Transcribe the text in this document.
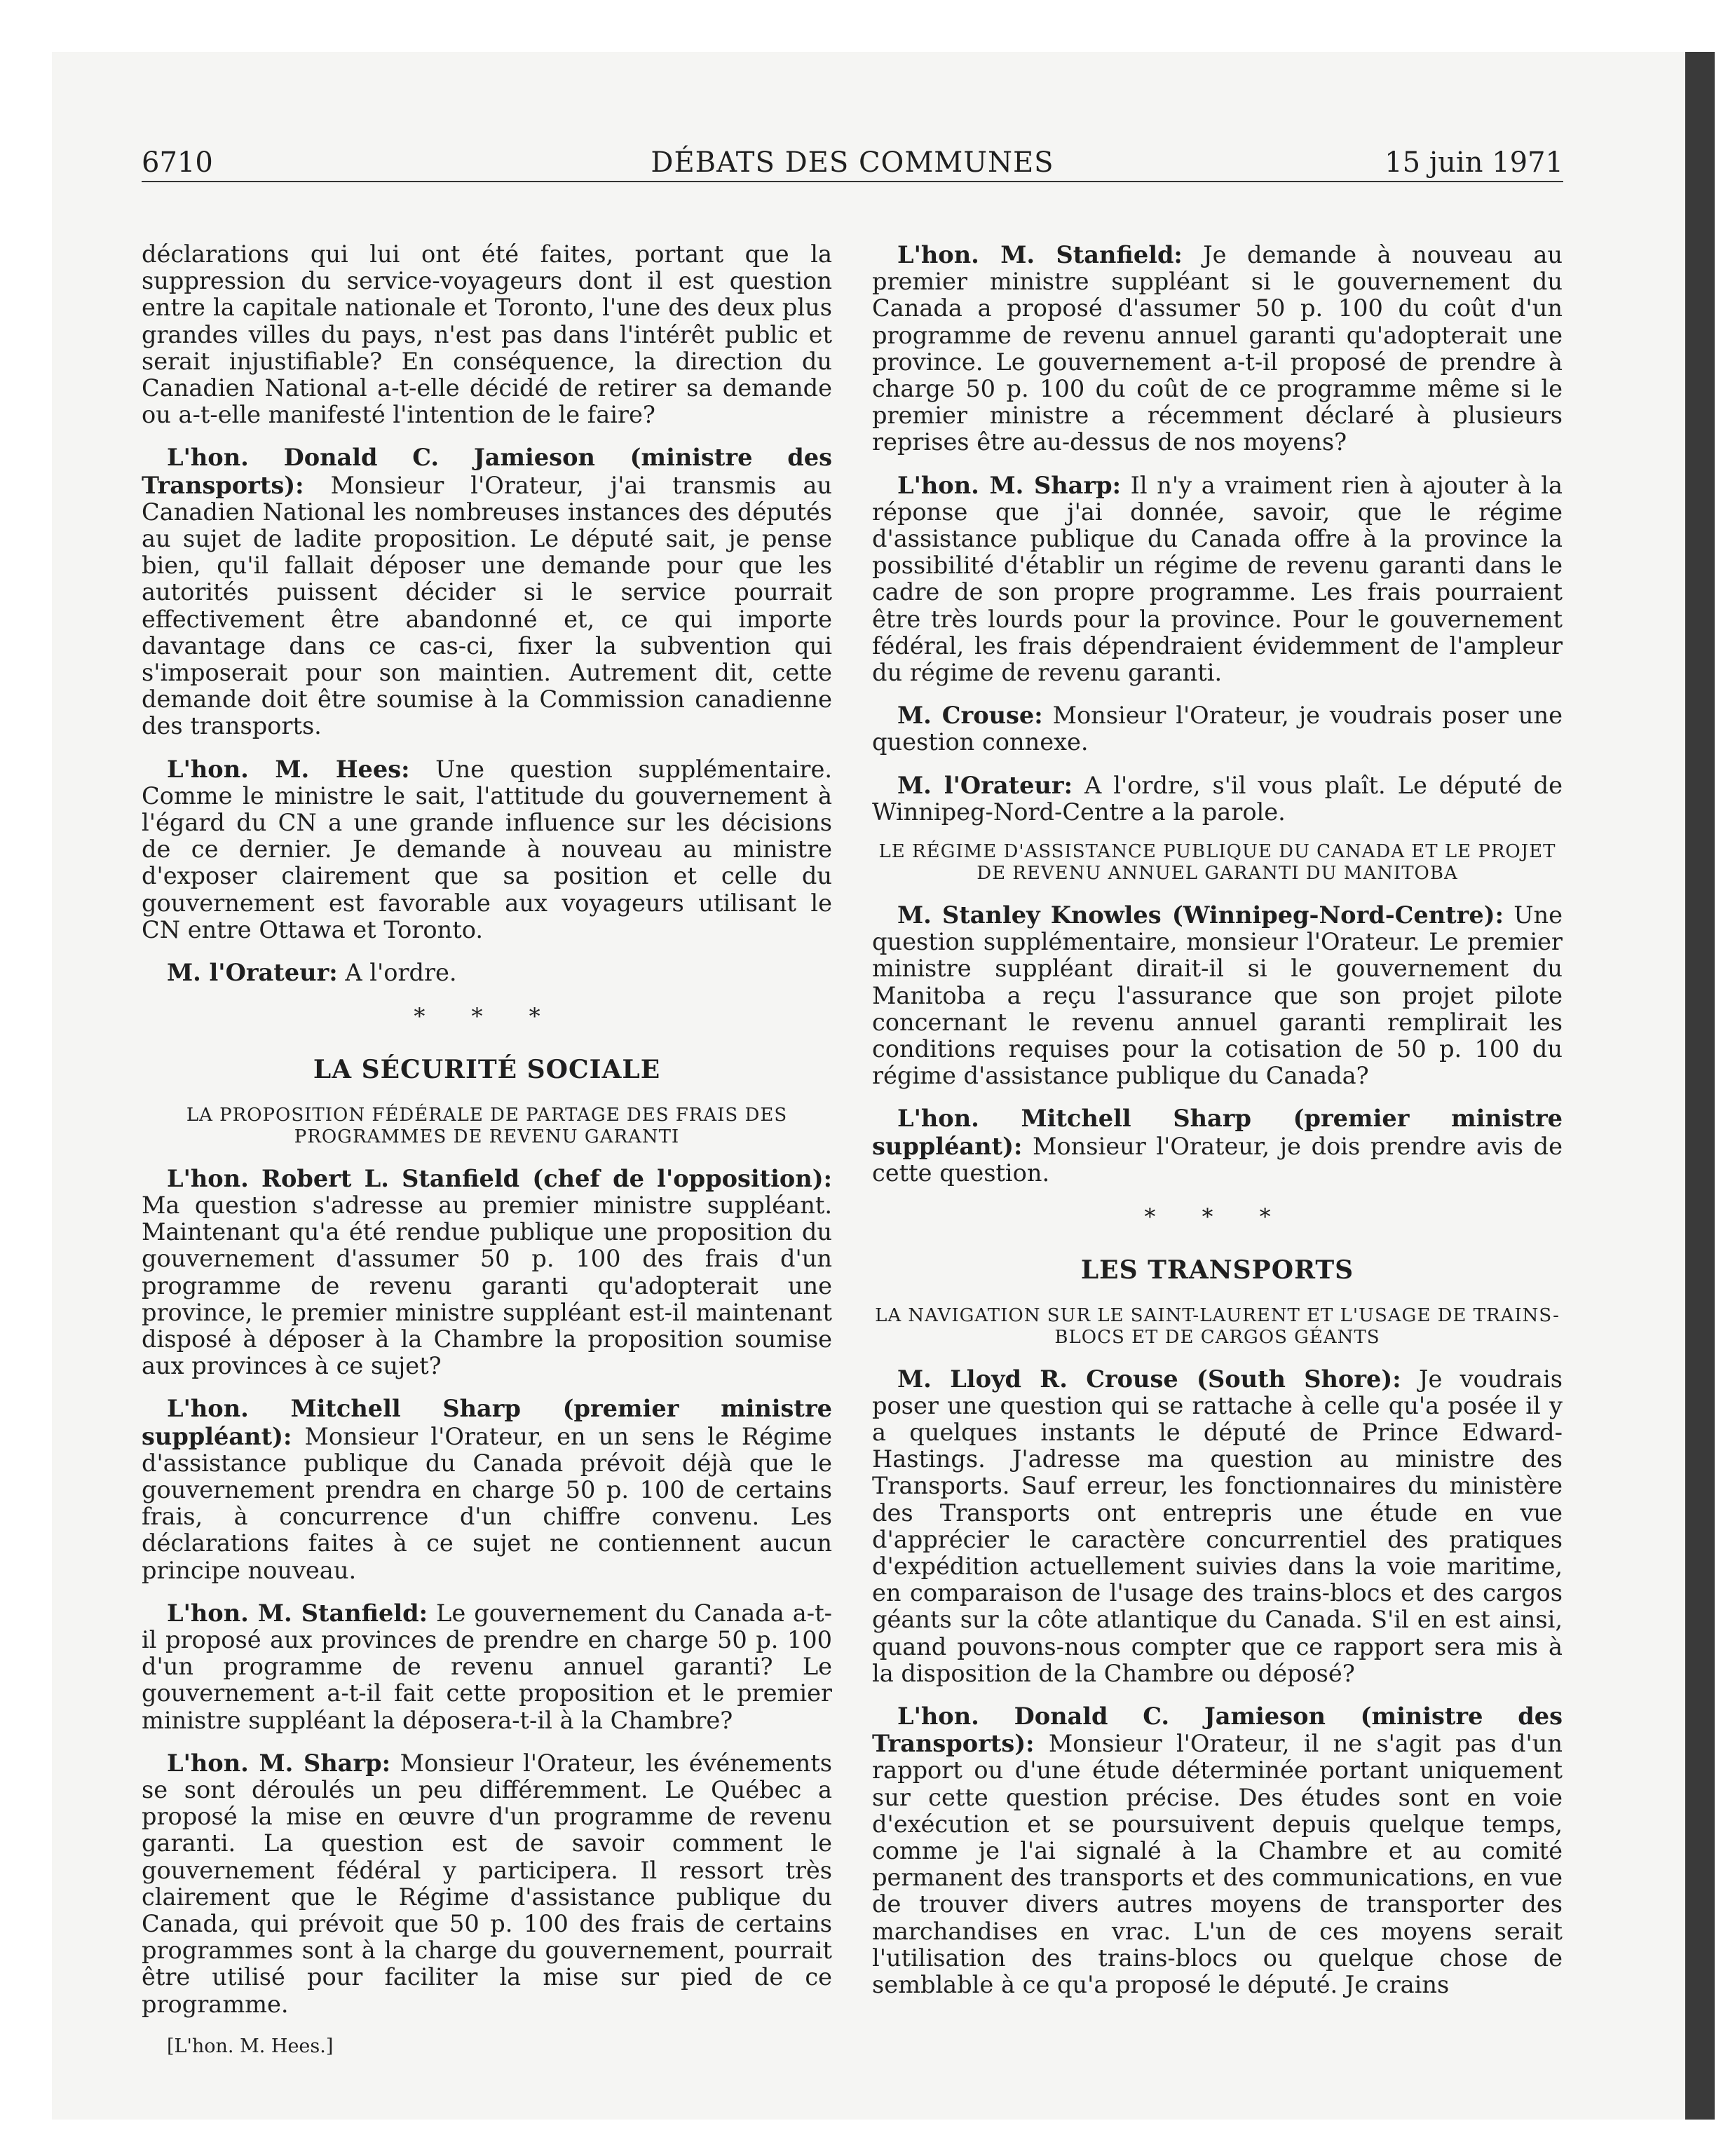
6710	DÉBATS DES COMMUNES	15 juin 1971

déclarations qui lui ont été faites, portant que la suppression du service-voyageurs dont il est question entre la capitale nationale et Toronto, l'une des deux plus grandes villes du pays, n'est pas dans l'intérêt public et serait injustifiable? En conséquence, la direction du Canadien National a-t-elle décidé de retirer sa demande ou a-t-elle manifesté l'intention de le faire?

L'hon. Donald C. Jamieson (ministre des Transports): Monsieur l'Orateur, j'ai transmis au Canadien National les nombreuses instances des députés au sujet de ladite proposition. Le député sait, je pense bien, qu'il fallait déposer une demande pour que les autorités puissent décider si le service pourrait effectivement être abandonné et, ce qui importe davantage dans ce cas-ci, fixer la subvention qui s'imposerait pour son maintien. Autrement dit, cette demande doit être soumise à la Commission canadienne des transports.

L'hon. M. Hees: Une question supplémentaire. Comme le ministre le sait, l'attitude du gouvernement à l'égard du CN a une grande influence sur les décisions de ce dernier. Je demande à nouveau au ministre d'exposer clairement que sa position et celle du gouvernement est favorable aux voyageurs utilisant le CN entre Ottawa et Toronto.

M. l'Orateur: A l'ordre.

* * *
LA SÉCURITÉ SOCIALE
LA PROPOSITION FÉDÉRALE DE PARTAGE DES FRAIS DES PROGRAMMES DE REVENU GARANTI

L'hon. Robert L. Stanfield (chef de l'opposition): Ma question s'adresse au premier ministre suppléant. Maintenant qu'a été rendue publique une proposition du gouvernement d'assumer 50 p. 100 des frais d'un programme de revenu garanti qu'adopterait une province, le premier ministre suppléant est-il maintenant disposé à déposer à la Chambre la proposition soumise aux provinces à ce sujet?

L'hon. Mitchell Sharp (premier ministre suppléant): Monsieur l'Orateur, en un sens le Régime d'assistance publique du Canada prévoit déjà que le gouvernement prendra en charge 50 p. 100 de certains frais, à concurrence d'un chiffre convenu. Les déclarations faites à ce sujet ne contiennent aucun principe nouveau.

L'hon. M. Stanfield: Le gouvernement du Canada a-t-il proposé aux provinces de prendre en charge 50 p. 100 d'un programme de revenu annuel garanti? Le gouvernement a-t-il fait cette proposition et le premier ministre suppléant la déposera-t-il à la Chambre?

L'hon. M. Sharp: Monsieur l'Orateur, les événements se sont déroulés un peu différemment. Le Québec a proposé la mise en œuvre d'un programme de revenu garanti. La question est de savoir comment le gouvernement fédéral y participera. Il ressort très clairement que le Régime d'assistance publique du Canada, qui prévoit que 50 p. 100 des frais de certains programmes sont à la charge du gouvernement, pourrait être utilisé pour faciliter la mise sur pied de ce programme.

[L'hon. M. Hees.]

L'hon. M. Stanfield: Je demande à nouveau au premier ministre suppléant si le gouvernement du Canada a proposé d'assumer 50 p. 100 du coût d'un programme de revenu annuel garanti qu'adopterait une province. Le gouvernement a-t-il proposé de prendre à charge 50 p. 100 du coût de ce programme même si le premier ministre a récemment déclaré à plusieurs reprises être au-dessus de nos moyens?

L'hon. M. Sharp: Il n'y a vraiment rien à ajouter à la réponse que j'ai donnée, savoir, que le régime d'assistance publique du Canada offre à la province la possibilité d'établir un régime de revenu garanti dans le cadre de son propre programme. Les frais pourraient être très lourds pour la province. Pour le gouvernement fédéral, les frais dépendraient évidemment de l'ampleur du régime de revenu garanti.

M. Crouse: Monsieur l'Orateur, je voudrais poser une question connexe.

M. l'Orateur: A l'ordre, s'il vous plaît. Le député de Winnipeg-Nord-Centre a la parole.

LE RÉGIME D'ASSISTANCE PUBLIQUE DU CANADA ET LE PROJET DE REVENU ANNUEL GARANTI DU MANITOBA

M. Stanley Knowles (Winnipeg-Nord-Centre): Une question supplémentaire, monsieur l'Orateur. Le premier ministre suppléant dirait-il si le gouvernement du Manitoba a reçu l'assurance que son projet pilote concernant le revenu annuel garanti remplirait les conditions requises pour la cotisation de 50 p. 100 du régime d'assistance publique du Canada?

L'hon. Mitchell Sharp (premier ministre suppléant): Monsieur l'Orateur, je dois prendre avis de cette question.

* * *
LES TRANSPORTS
LA NAVIGATION SUR LE SAINT-LAURENT ET L'USAGE DE TRAINS-BLOCS ET DE CARGOS GÉANTS

M. Lloyd R. Crouse (South Shore): Je voudrais poser une question qui se rattache à celle qu'a posée il y a quelques instants le député de Prince Edward-Hastings. J'adresse ma question au ministre des Transports. Sauf erreur, les fonctionnaires du ministère des Transports ont entrepris une étude en vue d'apprécier le caractère concurrentiel des pratiques d'expédition actuellement suivies dans la voie maritime, en comparaison de l'usage des trains-blocs et des cargos géants sur la côte atlantique du Canada. S'il en est ainsi, quand pouvons-nous compter que ce rapport sera mis à la disposition de la Chambre ou déposé?

L'hon. Donald C. Jamieson (ministre des Transports): Monsieur l'Orateur, il ne s'agit pas d'un rapport ou d'une étude déterminée portant uniquement sur cette question précise. Des études sont en voie d'exécution et se poursuivent depuis quelque temps, comme je l'ai signalé à la Chambre et au comité permanent des transports et des communications, en vue de trouver divers autres moyens de transporter des marchandises en vrac. L'un de ces moyens serait l'utilisation des trains-blocs ou quelque chose de semblable à ce qu'a proposé le député. Je crains
